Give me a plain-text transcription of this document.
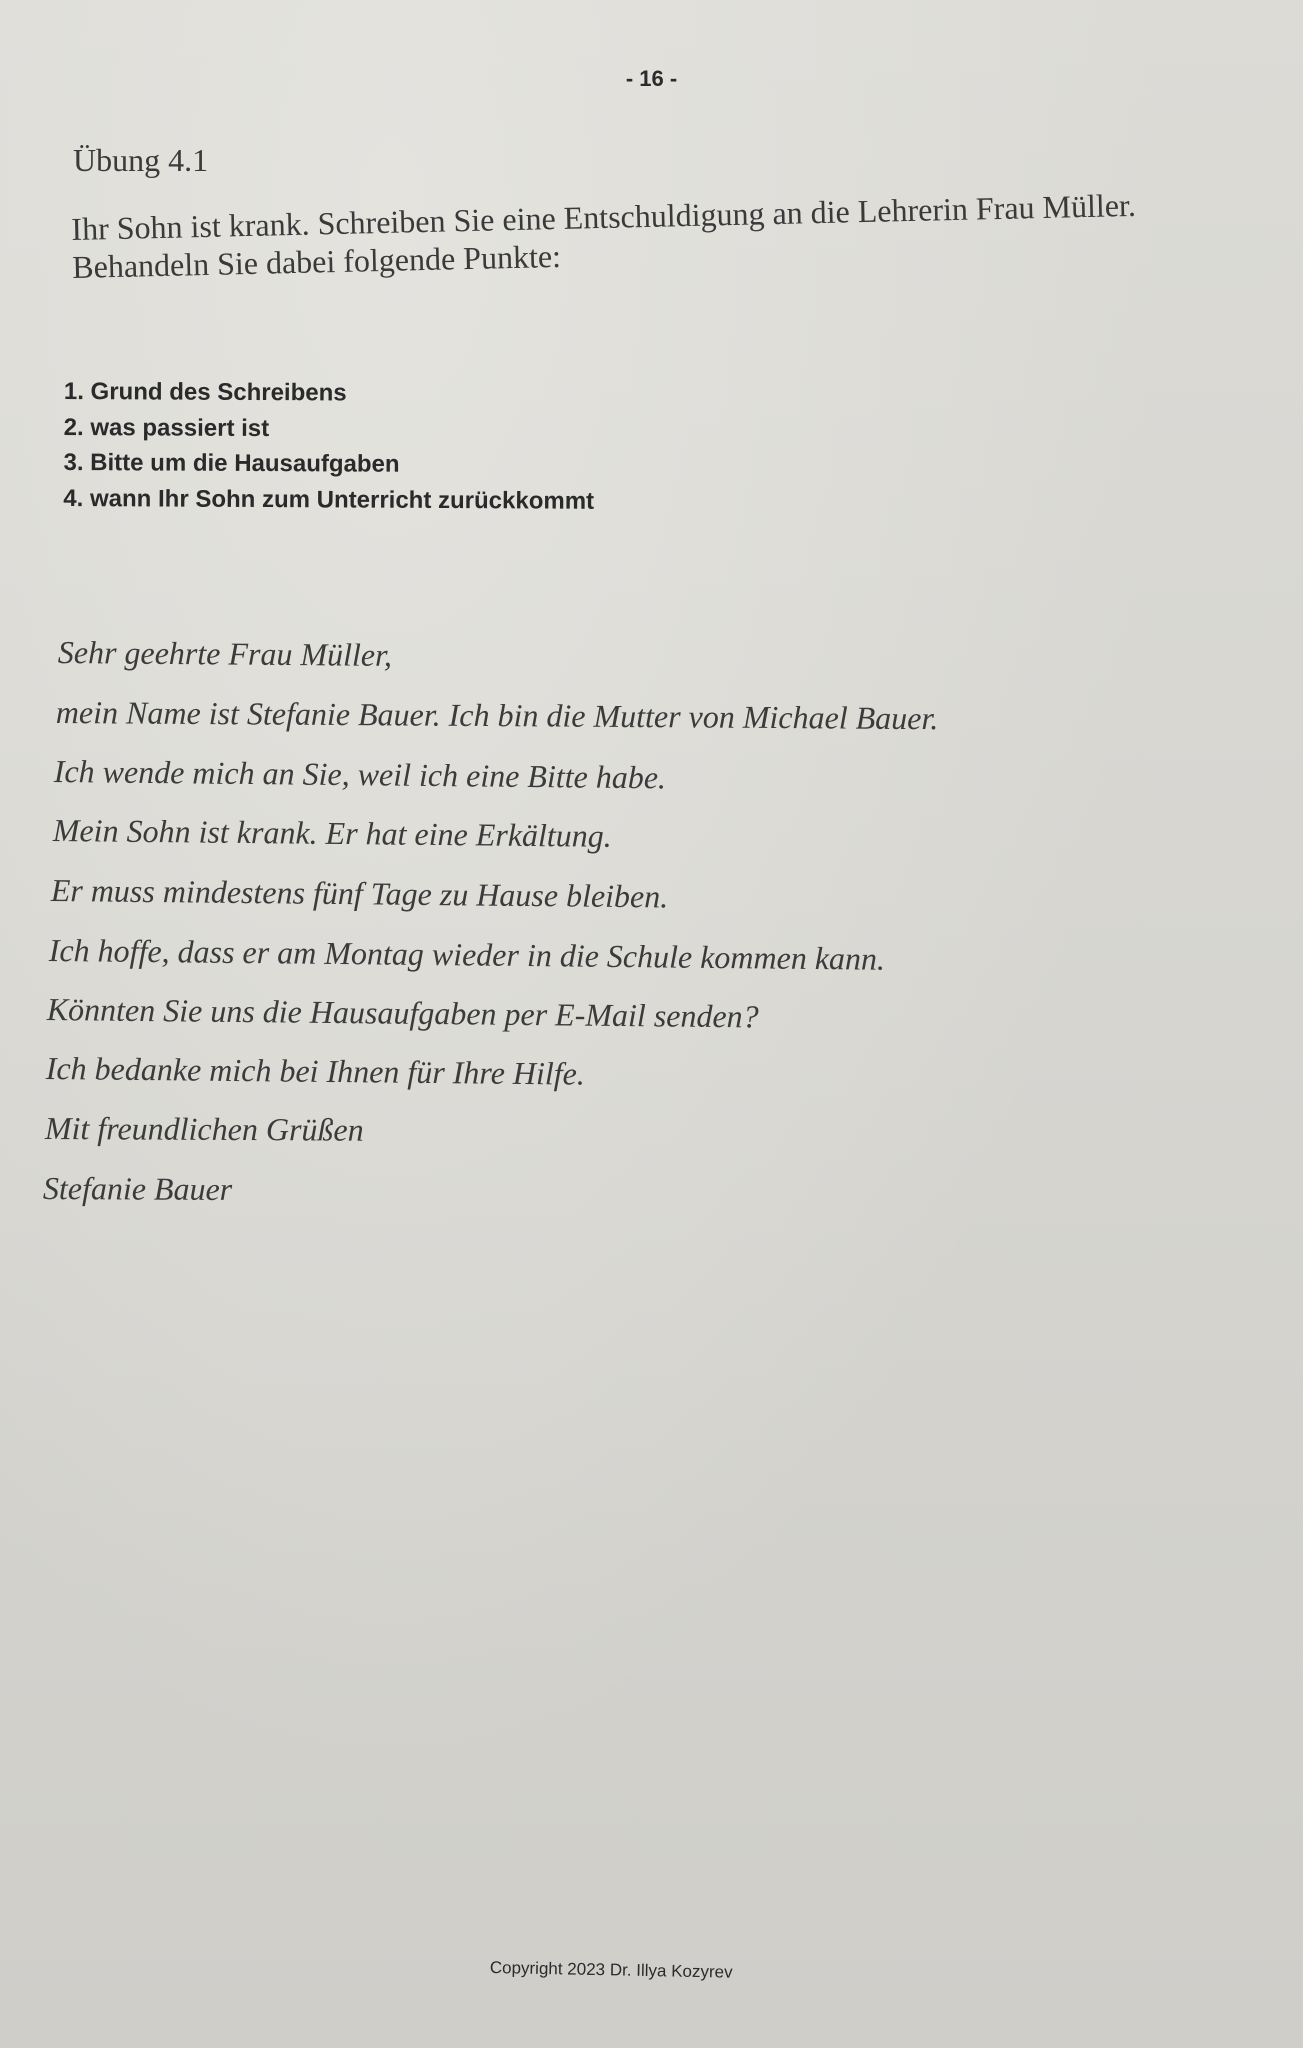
- 16 -
Übung 4.1
Ihr Sohn ist krank. Schreiben Sie eine Entschuldigung an die Lehrerin Frau Müller.
Behandeln Sie dabei folgende Punkte:
1. Grund des Schreibens
2. was passiert ist
3. Bitte um die Hausaufgaben
4. wann Ihr Sohn zum Unterricht zurückkommt
Sehr geehrte Frau Müller,
mein Name ist Stefanie Bauer. Ich bin die Mutter von Michael Bauer.
Ich wende mich an Sie, weil ich eine Bitte habe.
Mein Sohn ist krank. Er hat eine Erkältung.
Er muss mindestens fünf Tage zu Hause bleiben.
Ich hoffe, dass er am Montag wieder in die Schule kommen kann.
Könnten Sie uns die Hausaufgaben per E-Mail senden?
Ich bedanke mich bei Ihnen für Ihre Hilfe.
Mit freundlichen Grüßen
Stefanie Bauer
Copyright 2023 Dr. Illya Kozyrev
